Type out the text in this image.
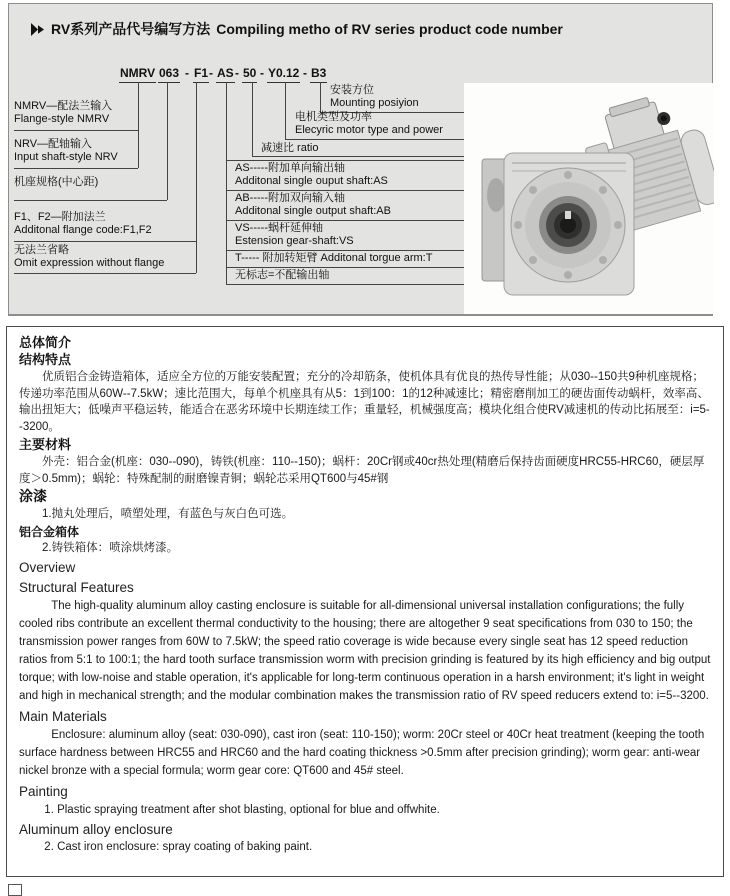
RV系列产品代号编写方法 Compiling metho of RV series product code number
NMRV 063 - F1 - AS - 50 - Y0.12 - B3
NMRV—配法兰输入
Flange-style NMRV
NRV—配轴输入
Input shaft-style NRV
机座规格(中心距)
F1、F2—附加法兰
Additonal flange code:F1,F2
无法兰省略
Omit expression without flange
安装方位
Mounting posiyion
电机类型及功率
Elecyric motor type and power
减速比 ratio
AS-----附加单向输出轴
Additonal single ouput shaft:AS
AB-----附加双向输入轴
Additonal single output shaft:AB
VS-----蜗杆延伸轴
Estension gear-shaft:VS
T----- 附加转矩臂 Additonal torgue arm:T
无标志=不配输出轴
总体简介
结构特点

优质铝合金铸造箱体，适应全方位的万能安装配置；充分的冷却筋条，使机体具有优良的热传导性能；从030--150共9种机座规格；传递功率范围从60W--7.5kW；速比范围大，每单个机座具有从5：1到100：1的12种减速比；精密磨削加工的硬齿面传动蜗杆，效率高、输出扭矩大；低噪声平稳运转，能适合在恶劣环境中长期连续工作；重量轻，机械强度高；模块化组合使RV减速机的传动比拓展至：i=5--3200。

主要材料

外壳：铝合金(机座：030--090)，铸铁(机座：110--150)；蜗杆：20Cr钢或40cr热处理(精磨后保持齿面硬度HRC55-HRC60，硬层厚度＞0.5mm)；蜗轮：特殊配制的耐磨镍青铜；蜗轮芯采用QT600与45#钢

涂漆
1.抛丸处理后，喷塑处理，有蓝色与灰白色可选。
铝合金箱体
2.铸铁箱体：喷涂烘烤漆。
Overview
Structural Features

The high-quality aluminum alloy casting enclosure is suitable for all-dimensional universal installation configurations; the fully cooled ribs contribute an excellent thermal conductivity to the housing; there are altogether 9 seat specifications from 030 to 150; the transmission power ranges from 60W to 7.5kW; the speed ratio coverage is wide because every single seat has 12 speed reduction ratios from 5:1 to 100:1; the hard tooth surface transmission worm with precision grinding is featured by its high efficiency and big output torque; with low-noise and stable operation, it's applicable for long-term continuous operation in a harsh environment; it's light in weight and high in mechanical strength; and the modular combination makes the transmission ratio of RV speed reducers extend to: i=5--3200.

Main Materials

Enclosure: aluminum alloy (seat: 030-090), cast iron (seat: 110-150); worm: 20Cr steel or 40Cr heat treatment (keeping the tooth surface hardness between HRC55 and HRC60 and the hard coating thickness >0.5mm after precision grinding); worm gear: anti-wear nickel bronze with a special formula; worm gear core: QT600 and 45# steel.

Painting
1. Plastic spraying treatment after shot blasting, optional for blue and offwhite.
Aluminum alloy enclosure
2. Cast iron enclosure: spray coating of baking paint.
